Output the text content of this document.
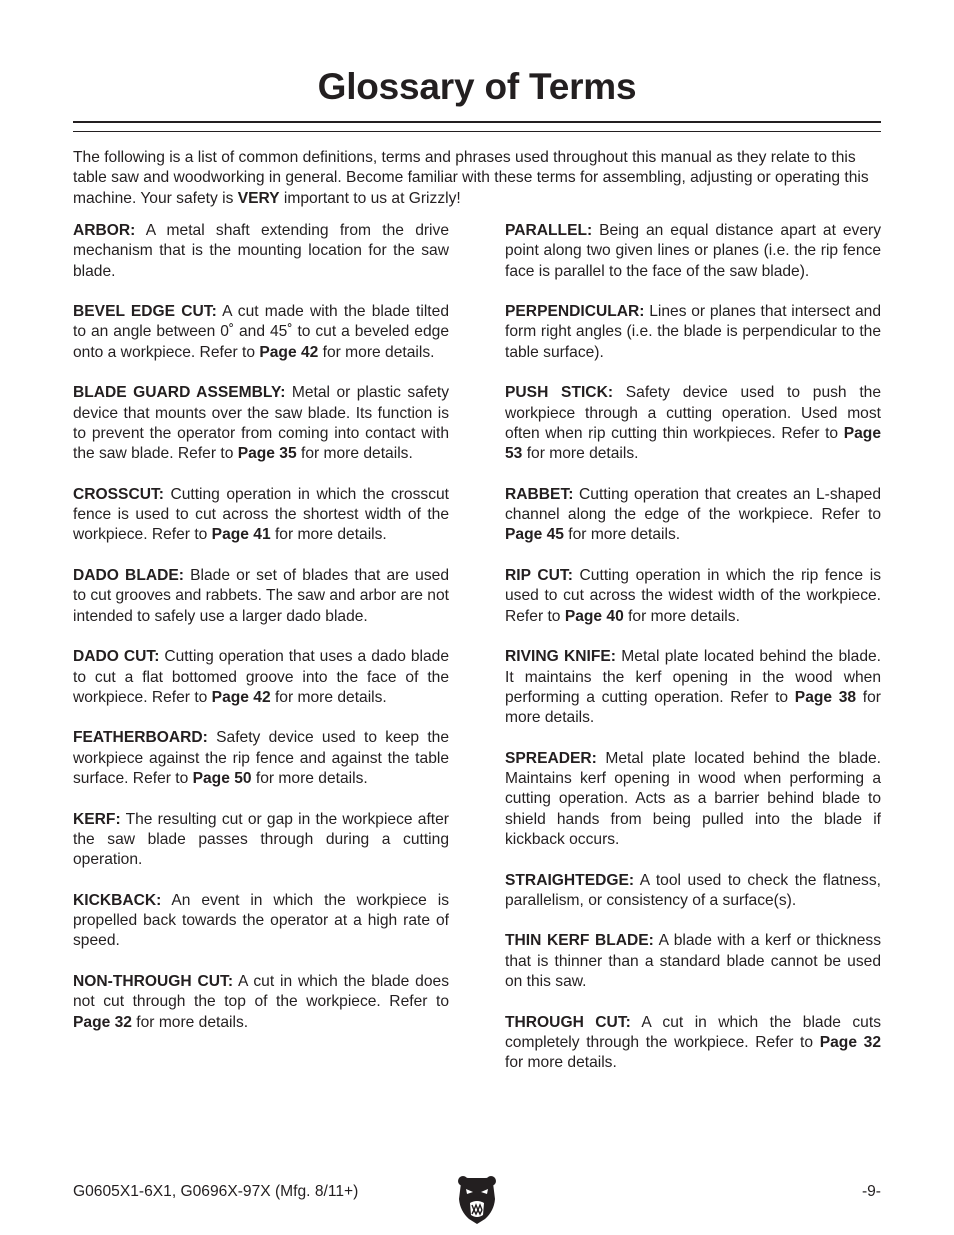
Glossary of Terms

The following is a list of common definitions, terms and phrases used throughout this manual as they relate to this table saw and woodworking in general. Become familiar with these terms for assembling, adjusting or operating this machine. Your safety is VERY important to us at Grizzly!

ARBOR: A metal shaft extending from the drive mechanism that is the mounting location for the saw blade.

BEVEL EDGE CUT: A cut made with the blade tilted to an angle between 0˚ and 45˚ to cut a beveled edge onto a workpiece. Refer to Page 42 for more details.

BLADE GUARD ASSEMBLY: Metal or plastic safety device that mounts over the saw blade. Its function is to prevent the operator from coming into contact with the saw blade. Refer to Page 35 for more details.

CROSSCUT: Cutting operation in which the crosscut fence is used to cut across the shortest width of the workpiece. Refer to Page 41 for more details.

DADO BLADE: Blade or set of blades that are used to cut grooves and rabbets. The saw and arbor are not intended to safely use a larger dado blade.

DADO CUT: Cutting operation that uses a dado blade to cut a flat bottomed groove into the face of the workpiece. Refer to Page 42 for more details.

FEATHERBOARD: Safety device used to keep the workpiece against the rip fence and against the table surface. Refer to Page 50 for more details.

KERF: The resulting cut or gap in the workpiece after the saw blade passes through during a cutting operation.

KICKBACK: An event in which the workpiece is propelled back towards the operator at a high rate of speed.

NON-THROUGH CUT: A cut in which the blade does not cut through the top of the workpiece. Refer to Page 32 for more details.

PARALLEL: Being an equal distance apart at every point along two given lines or planes (i.e. the rip fence face is parallel to the face of the saw blade).

PERPENDICULAR: Lines or planes that intersect and form right angles (i.e. the blade is perpendicular to the table surface).

PUSH STICK: Safety device used to push the workpiece through a cutting operation. Used most often when rip cutting thin workpieces. Refer to Page 53 for more details.

RABBET: Cutting operation that creates an L-shaped channel along the edge of the workpiece. Refer to Page 45 for more details.

RIP CUT: Cutting operation in which the rip fence is used to cut across the widest width of the workpiece. Refer to Page 40 for more details.

RIVING KNIFE: Metal plate located behind the blade. It maintains the kerf opening in the wood when performing a cutting operation. Refer to Page 38 for more details.

SPREADER: Metal plate located behind the blade. Maintains kerf opening in wood when performing a cutting operation. Acts as a barrier behind blade to shield hands from being pulled into the blade if kickback occurs.

STRAIGHTEDGE: A tool used to check the flatness, parallelism, or consistency of a surface(s).

THIN KERF BLADE: A blade with a kerf or thickness that is thinner than a standard blade cannot be used on this saw.

THROUGH CUT: A cut in which the blade cuts completely through the workpiece. Refer to Page 32 for more details.

G0605X1-6X1, G0696X-97X (Mfg. 8/11+)	-9-
